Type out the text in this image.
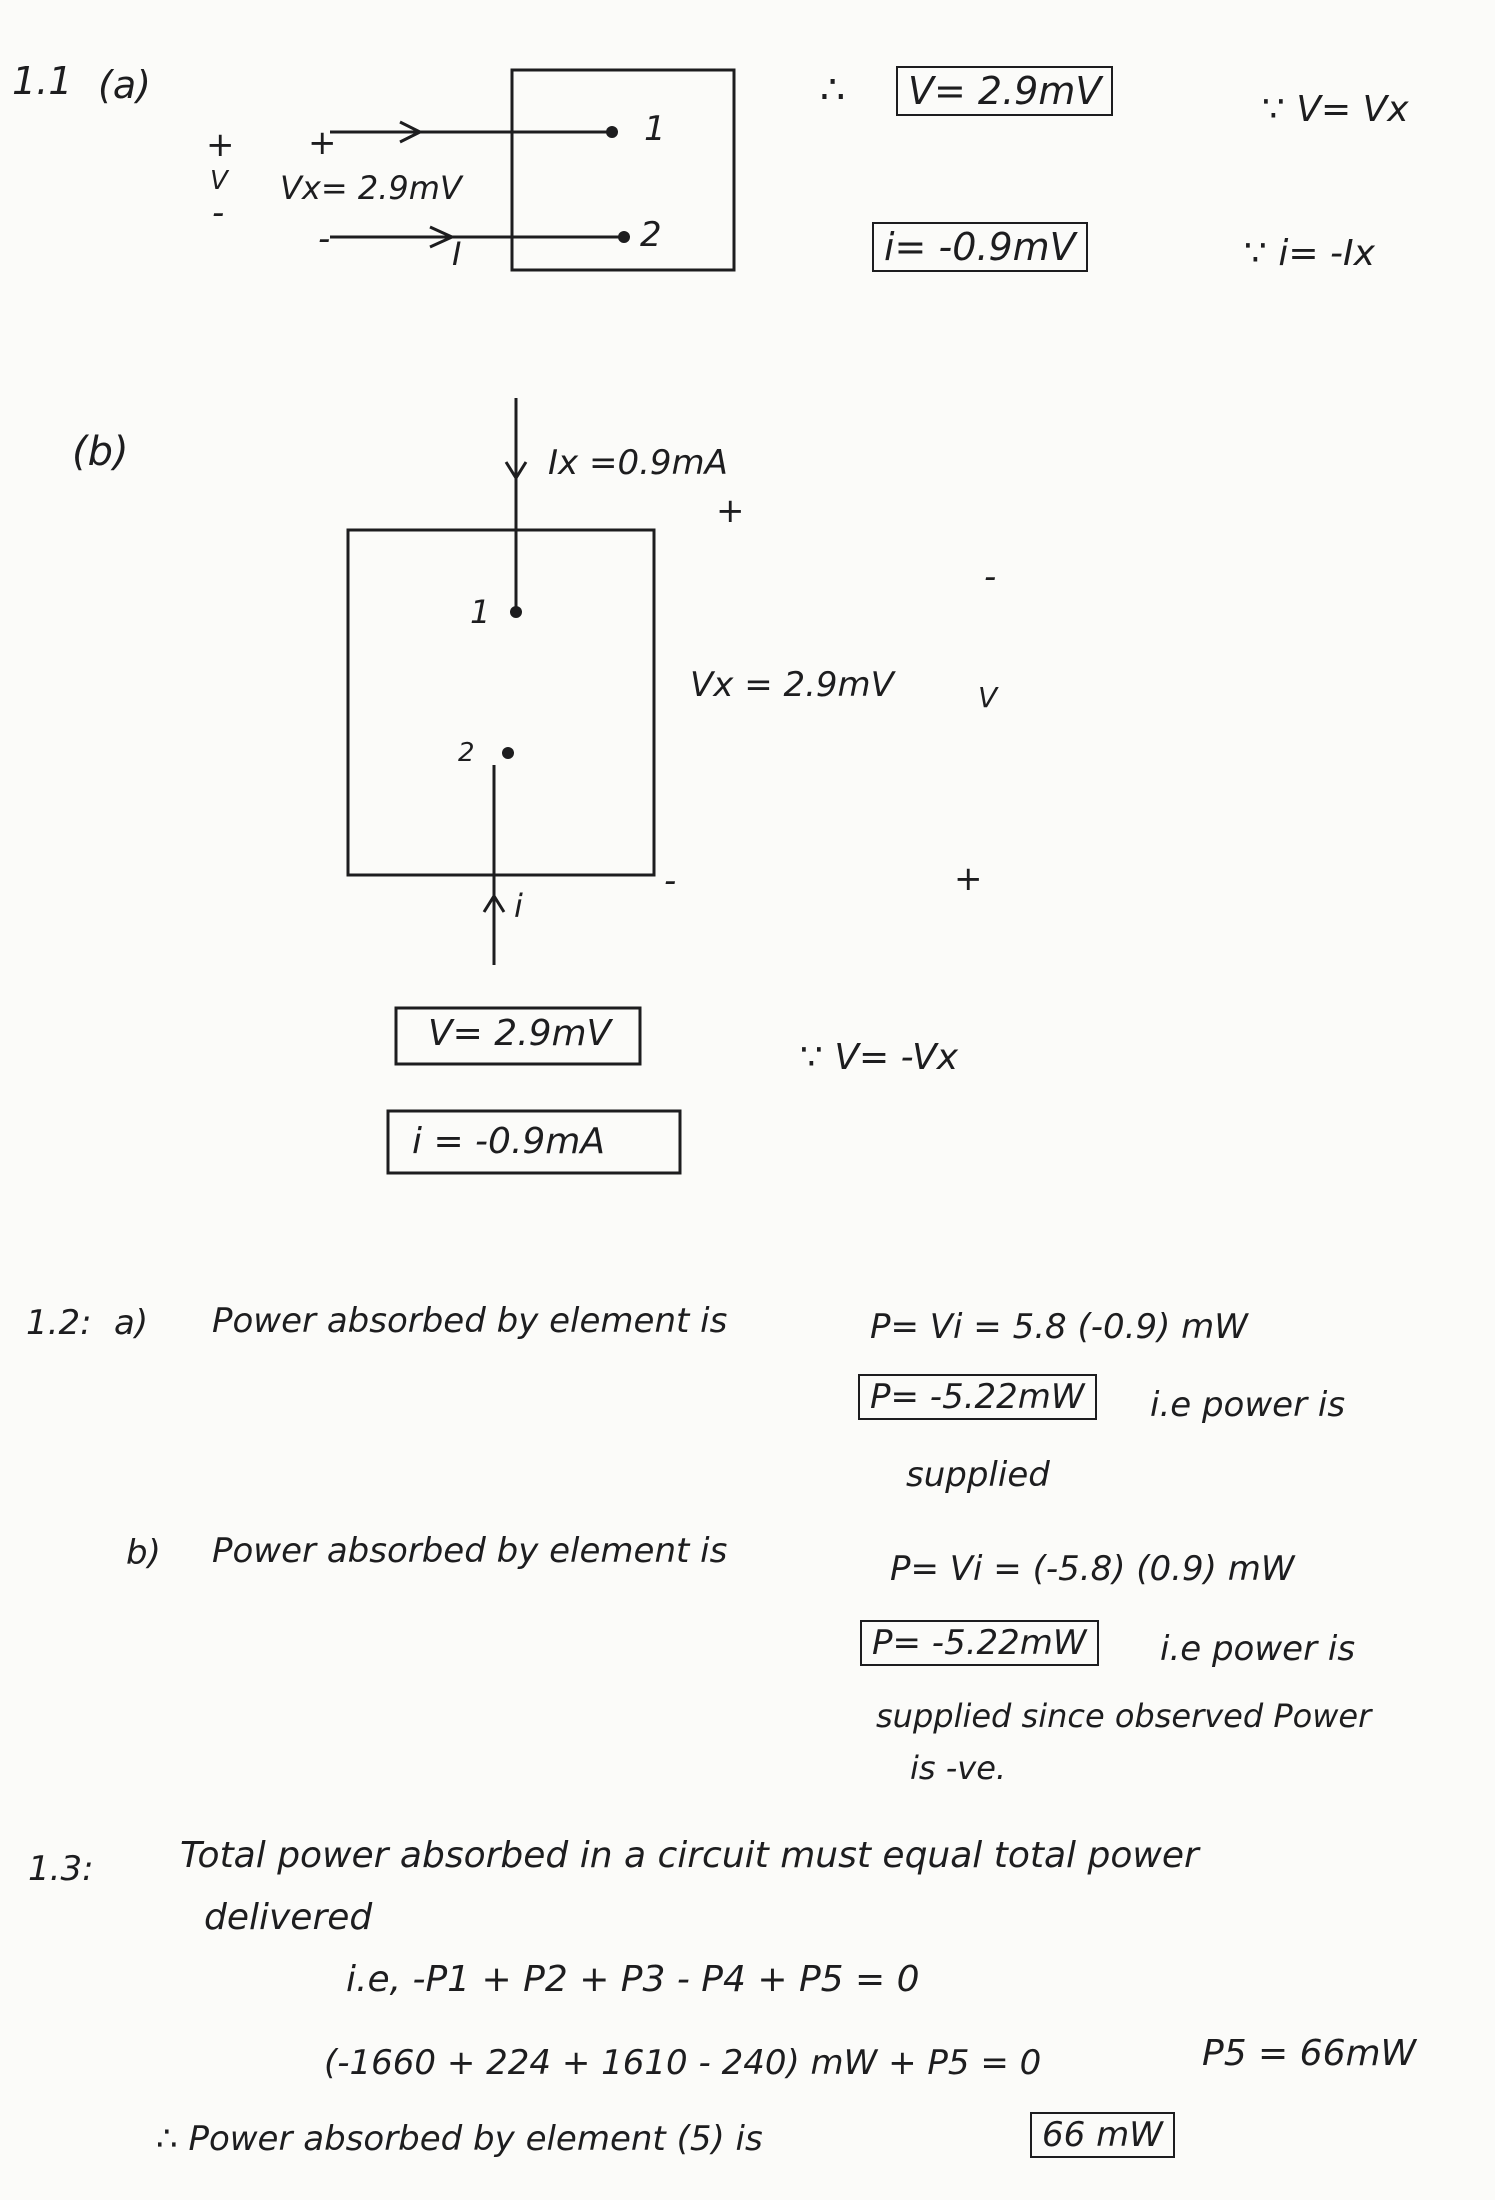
1.1 (a)
+
V
-
+
Vx= 2.9mV
-	I
1
2
∴	V= 2.9mV
i= -0.9mV
∵ V= Vx
∵ i= -Ix
(b)	Ix =0.9mA
+
-
1
Vx = 2.9mV	V
2
-	+
i
V= 2.9mV
i = -0.9mA
∵ V= -Vx
1.2: a) Power absorbed by element is	P= Vi = 5.8 (-0.9) mW
P= -5.22mW	i.e power is
supplied
b) Power absorbed by element is	P= Vi = (-5.8) (0.9) mW
P= -5.22mW	i.e power is
supplied since observed Power
is -ve.
1.3: Total power absorbed in a circuit must equal total power
delivered
i.e, -P1 + P2 + P3 - P4 + P5 = 0
(-1660 + 224 + 1610 - 240) mW + P5 = 0	P5 = 66mW
∴ Power absorbed by element (5) is	66 mW
